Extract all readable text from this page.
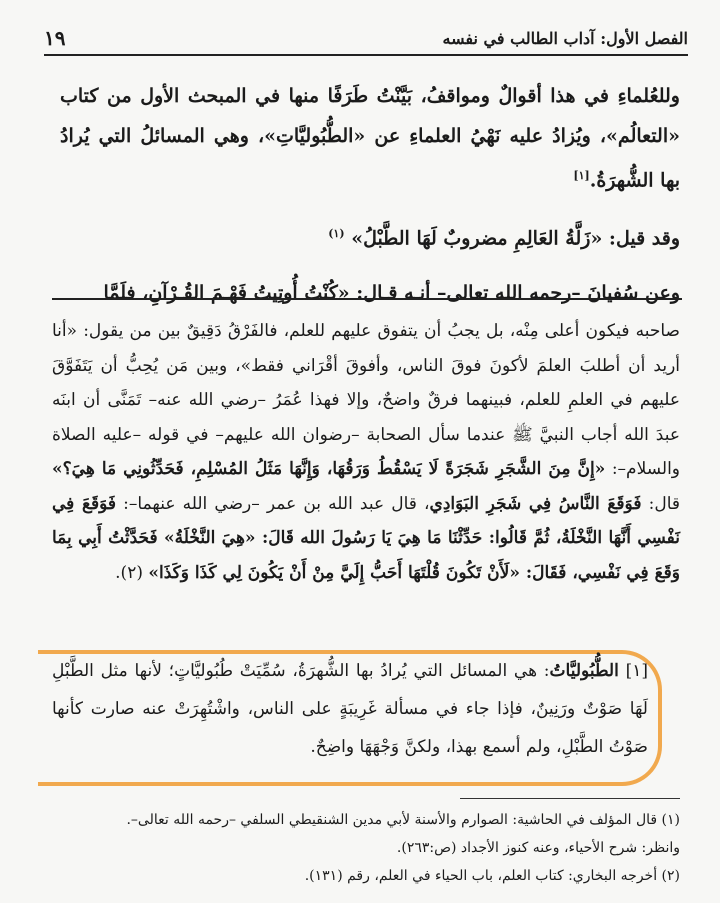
١٩	الفصل الأول: آداب الطالب في نفسه

وللعُلماءِ في هذا أقوالٌ ومواقفُ، بَيَّنْتُ طَرَفًا منها في المبحث الأول من كتاب «التعالُم»، ويُزادُ عليه نَهْيُ العلماءِ عن «الطُّبُوليَّاتِ»، وهي المسائلُ التي يُرادُ بها الشُّهرَةُ.[١]

وقد قيل: «زَلَّةُ العَالِمِ مضروبٌ لَهَا الطَّبْلُ» $^{(١)}$

وعن سُفيانَ –رحمه الله تعالى– أنـه قـال: «كُنْتُ أُوتِيتُ فَهْـمَ القُـرْآنِ، فلَمَّا

صاحبه فيكون أعلى مِنْه، بل يجبُ أن يتفوق عليهم للعلم، فالفَرْقُ دَقِيقٌ بين من يقول: «أنا أريد أن أطلبَ العلمَ لأكونَ فوقَ الناس، وأفوقَ أقْرَاني فقط»، وبين مَن يُحِبُّ أن يَتَفَوَّقَ عليهم في العلمِ للعلم، فبينهما فرقٌ واضحٌ، وإلا فهذا عُمَرُ –رضي الله عنه– تَمَنَّى أن ابنَه عبدَ الله أجاب النبيَّ ﷺ عندما سأل الصحابة –رضوان الله عليهم– في قوله –عليه الصلاة والسلام–: «إِنَّ مِنَ الشَّجَرِ شَجَرَةً لَا يَسْقُطُ وَرَقُهَا، وَإِنَّهَا مَثَلُ المُسْلِمِ، فَحَدِّثُونِي مَا هِيَ؟» قال: فَوَقَعَ النَّاسُ فِي شَجَرِ البَوَادِي، قال عبد الله بن عمر –رضي الله عنهما–: فَوَقَعَ فِي نَفْسِي أَنَّهَا النَّخْلَةُ، ثُمَّ قَالُوا: حَدِّثْنَا مَا هِيَ يَا رَسُولَ الله قَالَ: «هِيَ النَّخْلَةُ» فَحَدَّثْتُ أَبِي بِمَا وَقَعَ فِي نَفْسِي، فَقَالَ: «لَأَنْ تَكُونَ قُلْتَهَا أَحَبُّ إِلَيَّ مِنْ أَنْ يَكُونَ لِي كَذَا وَكَذَا» (٢).

[١] الطُّبُوليَّاتُ: هي المسائل التي يُرادُ بها الشُّهرَةُ، سُمِّيَتْ طُبُوليَّاتٍ؛ لأنها مثل الطَّبْلِ لَهَا صَوْتٌ ورَنِينٌ، فإذا جاء في مسألة غَرِيبَةٍ على الناس، واشْتُهِرَتْ عنه صارت كأنها صَوْتُ الطَّبْلِ، ولم أسمع بهذا، ولكنَّ وَجْهَهَا واضِحٌ.

(١) قال المؤلف في الحاشية: الصوارم والأسنة لأبي مدين الشنقيطي السلفي –رحمه الله تعالى–.

وانظر: شرح الأحياء، وعنه كنوز الأجداد (ص:٢٦٣).

(٢) أخرجه البخاري: كتاب العلم، باب الحياء في العلم، رقم (١٣١).
